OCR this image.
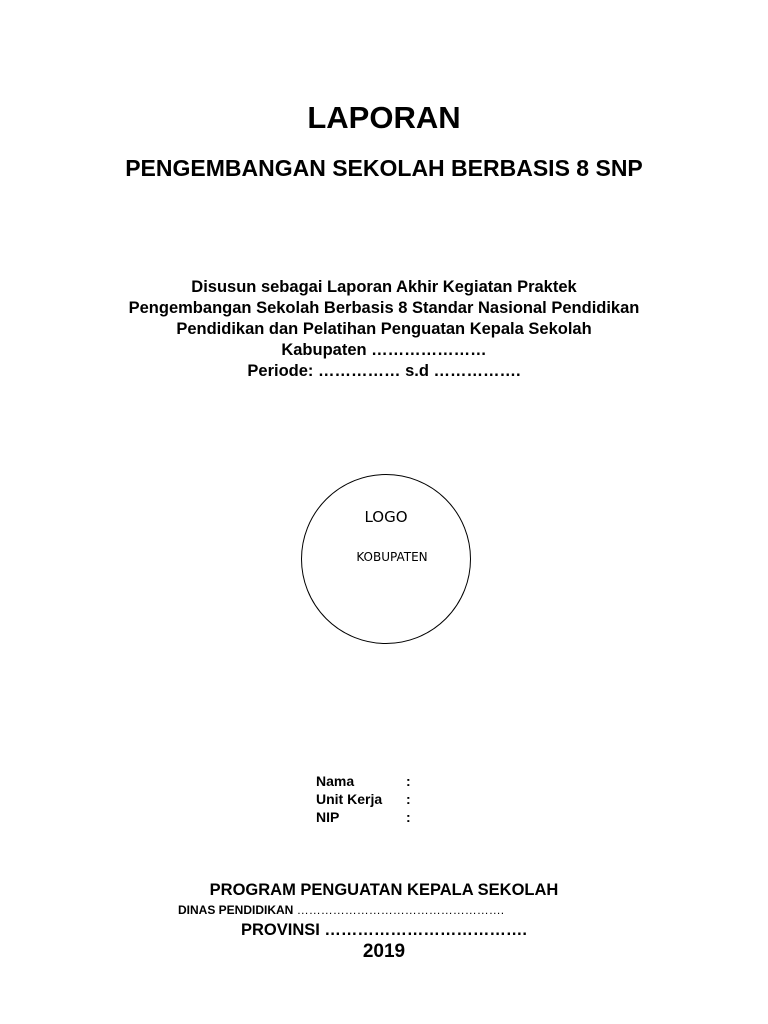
LAPORAN
PENGEMBANGAN SEKOLAH BERBASIS 8 SNP
Disusun sebagai Laporan Akhir Kegiatan Praktek
Pengembangan Sekolah Berbasis 8 Standar Nasional Pendidikan
Pendidikan dan Pelatihan Penguatan Kepala Sekolah
Kabupaten …………………
Periode: …………… s.d …………….
LOGO
KOBUPATEN
Nama	:
Unit Kerja :
NIP	:
PROGRAM PENGUATAN KEPALA SEKOLAH
DINAS PENDIDIKAN …………………………………………….
PROVINSI ……………………………….
2019
